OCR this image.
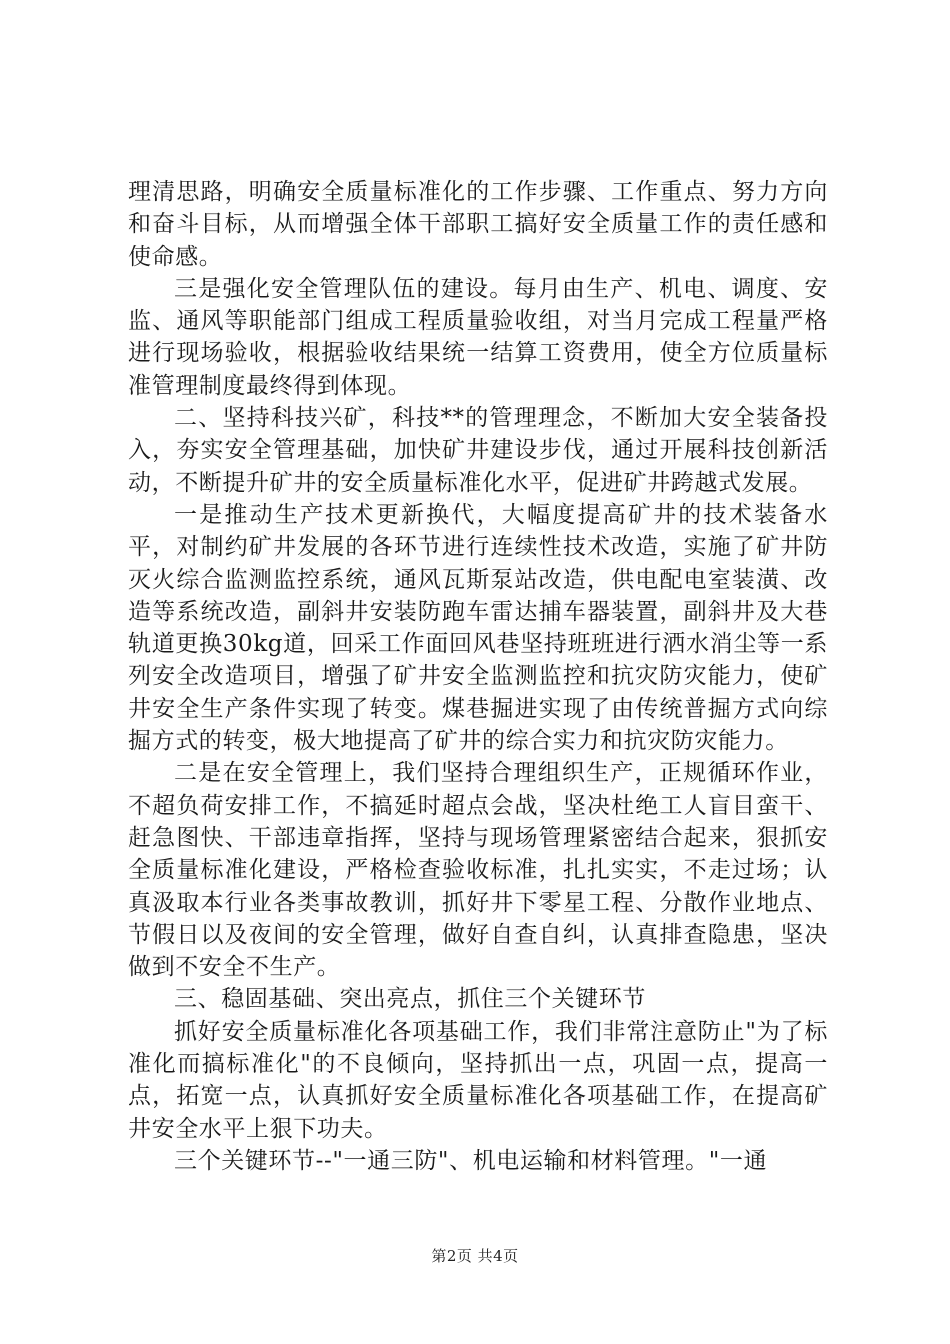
理清思路，明确安全质量标准化的工作步骤、工作重点、努力方向和奋斗目标，从而增强全体干部职工搞好安全质量工作的责任感和使命感。

三是强化安全管理队伍的建设。每月由生产、机电、调度、安监、通风等职能部门组成工程质量验收组，对当月完成工程量严格进行现场验收，根据验收结果统一结算工资费用，使全方位质量标准管理制度最终得到体现。

二、坚持科技兴矿，科技**的管理理念，不断加大安全装备投入，夯实安全管理基础，加快矿井建设步伐，通过开展科技创新活动，不断提升矿井的安全质量标准化水平，促进矿井跨越式发展。

一是推动生产技术更新换代，大幅度提高矿井的技术装备水平，对制约矿井发展的各环节进行连续性技术改造，实施了矿井防灭火综合监测监控系统，通风瓦斯泵站改造，供电配电室装潢、改造等系统改造，副斜井安装防跑车雷达捕车器装置，副斜井及大巷轨道更换30kg道，回采工作面回风巷坚持班班进行洒水消尘等一系列安全改造项目，增强了矿井安全监测监控和抗灾防灾能力，使矿井安全生产条件实现了转变。煤巷掘进实现了由传统普掘方式向综掘方式的转变，极大地提高了矿井的综合实力和抗灾防灾能力。

二是在安全管理上，我们坚持合理组织生产，正规循环作业，不超负荷安排工作，不搞延时超点会战，坚决杜绝工人盲目蛮干、赶急图快、干部违章指挥，坚持与现场管理紧密结合起来，狠抓安全质量标准化建设，严格检查验收标准，扎扎实实，不走过场；认真汲取本行业各类事故教训，抓好井下零星工程、分散作业地点、节假日以及夜间的安全管理，做好自查自纠，认真排查隐患，坚决做到不安全不生产。

三、稳固基础、突出亮点，抓住三个关键环节

抓好安全质量标准化各项基础工作，我们非常注意防止"为了标准化而搞标准化"的不良倾向，坚持抓出一点，巩固一点，提高一点，拓宽一点，认真抓好安全质量标准化各项基础工作，在提高矿井安全水平上狠下功夫。

三个关键环节--"一通三防"、机电运输和材料管理。"一通

第2页 共4页
